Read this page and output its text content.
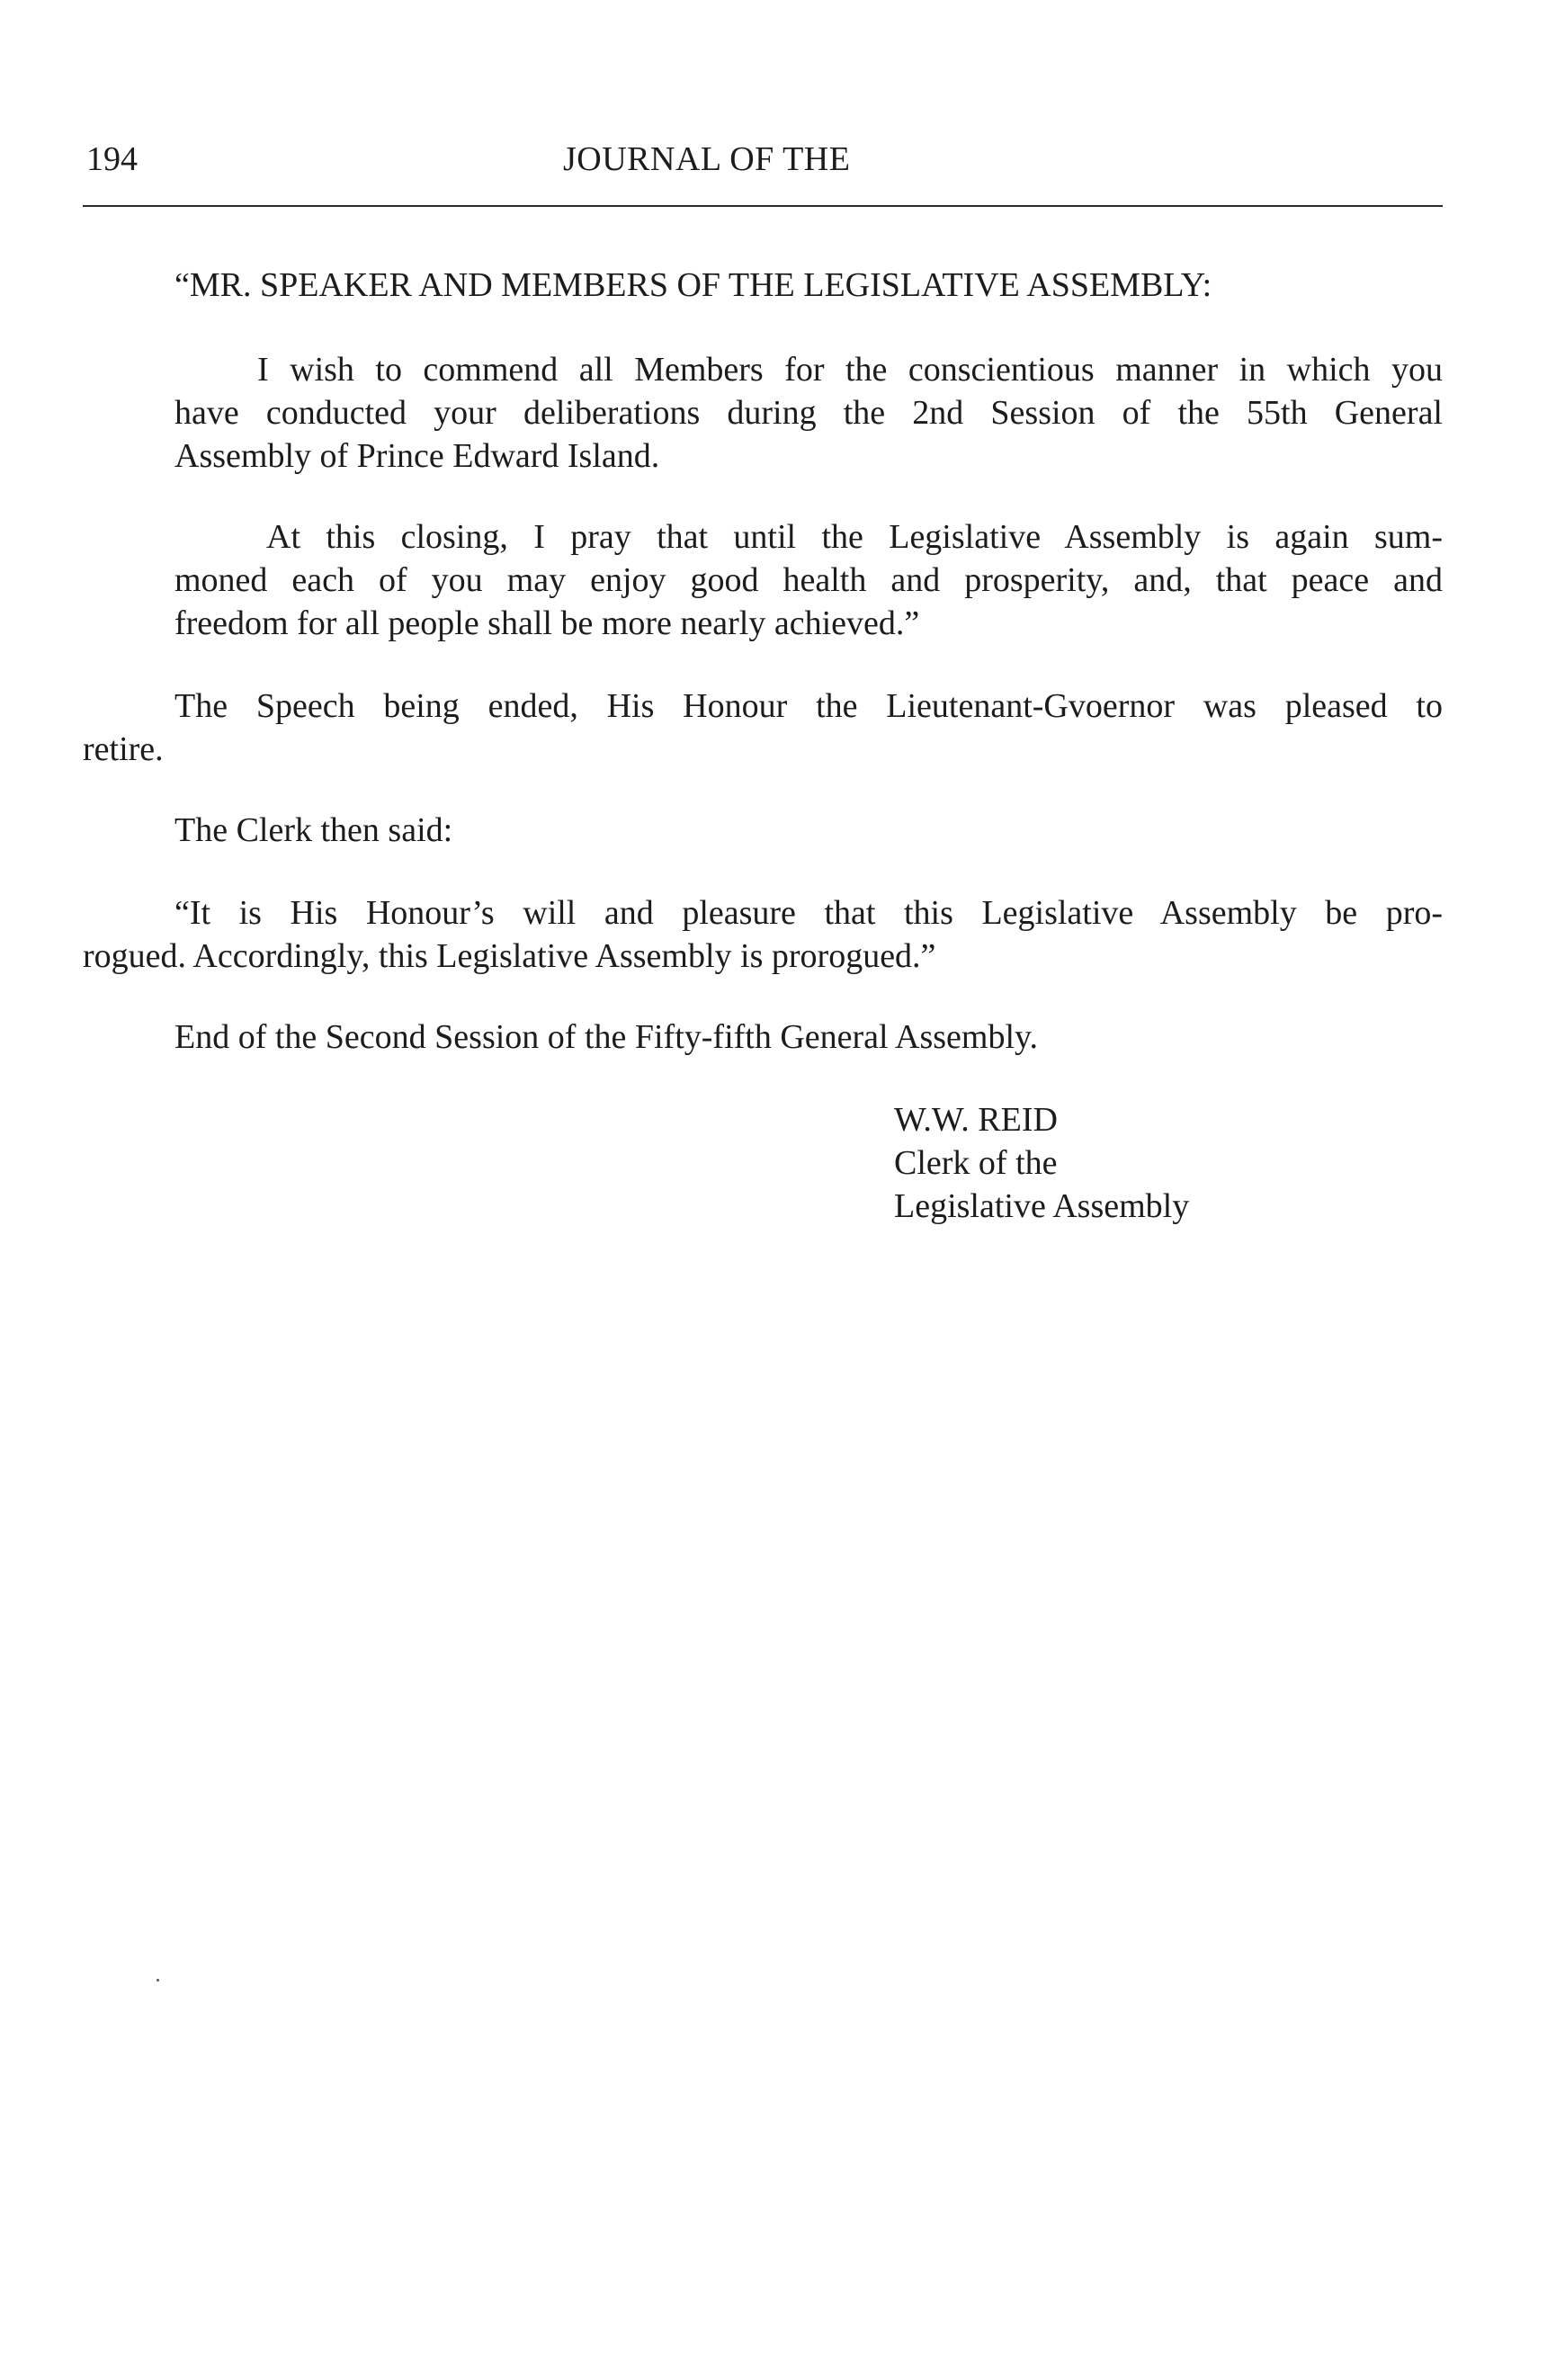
194	JOURNAL OF THE
“MR. SPEAKER AND MEMBERS OF THE LEGISLATIVE ASSEMBLY:
I wish to commend all Members for the conscientious manner in which you
have conducted your deliberations during the 2nd Session of the 55th General
Assembly of Prince Edward Island.
At this closing, I pray that until the Legislative Assembly is again sum-
moned each of you may enjoy good health and prosperity, and, that peace and
freedom for all people shall be more nearly achieved.”
The Speech being ended, His Honour the Lieutenant-Gvoernor was pleased to
retire.
The Clerk then said:
“It is His Honour’s will and pleasure that this Legislative Assembly be pro-
rogued. Accordingly, this Legislative Assembly is prorogued.”
End of the Second Session of the Fifty-fifth General Assembly.
W.W. REID
Clerk of the
Legislative Assembly
